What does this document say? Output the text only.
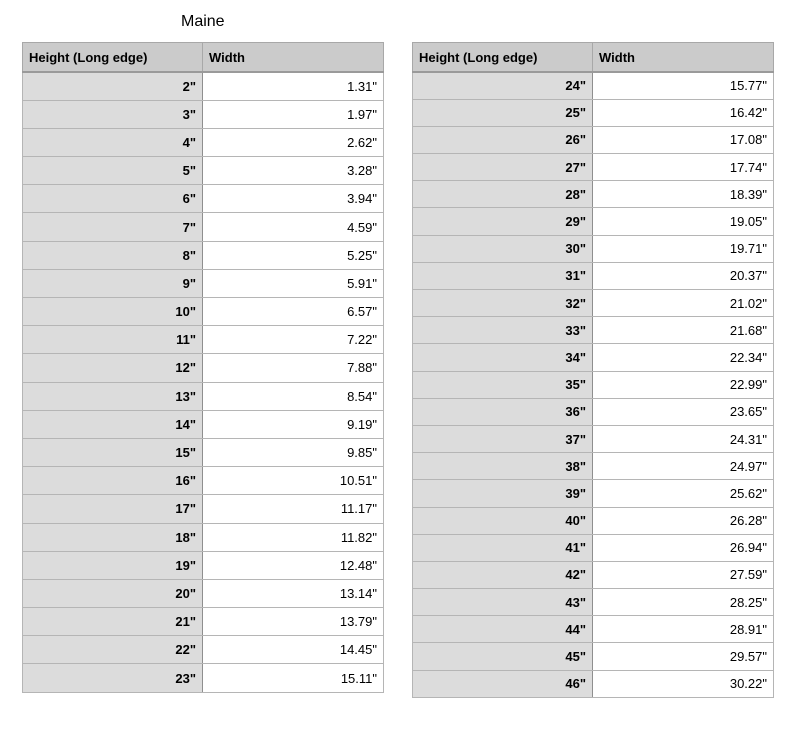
Maine
Height (Long edge)	Width
2"	1.31"
3"	1.97"
4"	2.62"
5"	3.28"
6"	3.94"
7"	4.59"
8"	5.25"
9"	5.91"
10"	6.57"
11"	7.22"
12"	7.88"
13"	8.54"
14"	9.19"
15"	9.85"
16"	10.51"
17"	11.17"
18"	11.82"
19"	12.48"
20"	13.14"
21"	13.79"
22"	14.45"
23"	15.11"
Height (Long edge)	Width
24"	15.77"
25"	16.42"
26"	17.08"
27"	17.74"
28"	18.39"
29"	19.05"
30"	19.71"
31"	20.37"
32"	21.02"
33"	21.68"
34"	22.34"
35"	22.99"
36"	23.65"
37"	24.31"
38"	24.97"
39"	25.62"
40"	26.28"
41"	26.94"
42"	27.59"
43"	28.25"
44"	28.91"
45"	29.57"
46"	30.22"
